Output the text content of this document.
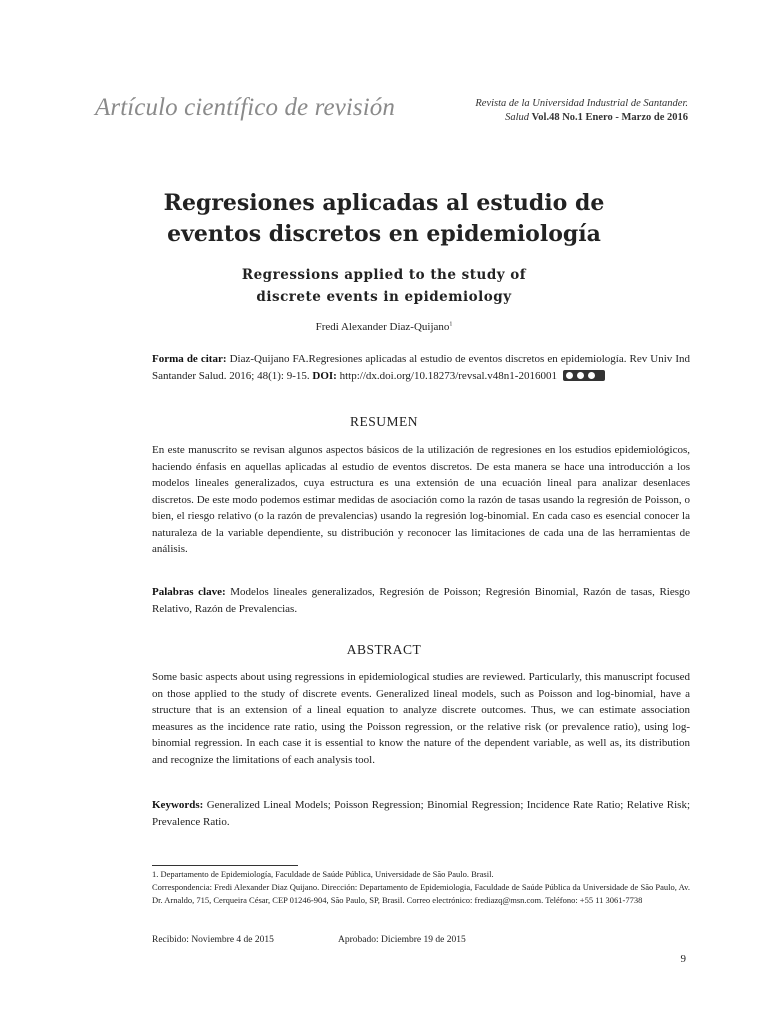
Artículo científico de revisión	Revista de la Universidad Industrial de Santander.
Salud Vol.48 No.1 Enero - Marzo de 2016
Regresiones aplicadas al estudio de
eventos discretos en epidemiología
Regressions applied to the study of
discrete events in epidemiology
Fredi Alexander Diaz-Quijano$^1$
Forma de citar: Diaz-Quijano FA.Regresiones aplicadas al estudio de eventos discretos en epidemiología. Rev Univ Ind Santander Salud. 2016; 48(1): 9-15. DOI: http://dx.doi.org/10.18273/revsal.v48n1-2016001
RESUMEN
En este manuscrito se revisan algunos aspectos básicos de la utilización de regresiones en los estudios epidemiológicos, haciendo énfasis en aquellas aplicadas al estudio de eventos discretos. De esta manera se hace una introducción a los modelos lineales generalizados, cuya estructura es una extensión de una ecuación lineal para analizar desenlaces discretos. De este modo podemos estimar medidas de asociación como la razón de tasas usando la regresión de Poisson, o bien, el riesgo relativo (o la razón de prevalencias) usando la regresión log-binomial. En cada caso es esencial conocer la naturaleza de la variable dependiente, su distribución y reconocer las limitaciones de cada una de las herramientas de análisis.
Palabras clave: Modelos lineales generalizados, Regresión de Poisson; Regresión Binomial, Razón de tasas, Riesgo Relativo, Razón de Prevalencias.
ABSTRACT
Some basic aspects about using regressions in epidemiological studies are reviewed. Particularly, this manuscript focused on those applied to the study of discrete events. Generalized lineal models, such as Poisson and log-binomial, have a structure that is an extension of a lineal equation to analyze discrete outcomes. Thus, we can estimate association measures as the incidence rate ratio, using the Poisson regression, or the relative risk (or prevalence ratio), using log-binomial regression. In each case it is essential to know the nature of the dependent variable, as well as, its distribution and recognize the limitations of each analysis tool.
Keywords: Generalized Lineal Models; Poisson Regression; Binomial Regression; Incidence Rate Ratio; Relative Risk; Prevalence Ratio.
1. Departamento de Epidemiología, Faculdade de Saúde Pública, Universidade de São Paulo. Brasil.
Correspondencia: Fredi Alexander Diaz Quijano. Dirección: Departamento de Epidemiologia, Faculdade de Saúde Pública da Universidade de São Paulo, Av. Dr. Arnaldo, 715, Cerqueira César, CEP 01246-904, São Paulo, SP, Brasil. Correo electrónico: frediazq@msn.com. Teléfono: +55 11 3061-7738
Recibido: Noviembre 4 de 2015	Aprobado: Diciembre 19 de 2015
9
